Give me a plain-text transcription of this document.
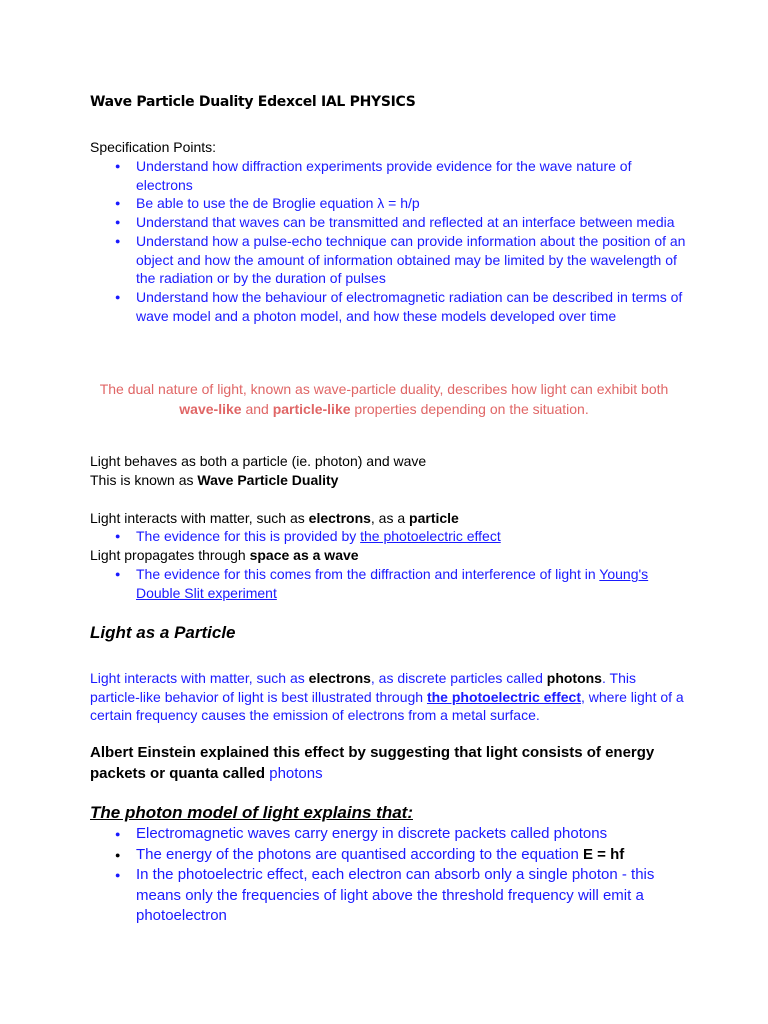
Wave Particle Duality Edexcel IAL PHYSICS
Specification Points:
● Understand how diffraction experiments provide evidence for the wave nature of electrons
● Be able to use the de Broglie equation λ = h/p
● Understand that waves can be transmitted and reflected at an interface between media
● Understand how a pulse-echo technique can provide information about the position of an object and how the amount of information obtained may be limited by the wavelength of the radiation or by the duration of pulses
● Understand how the behaviour of electromagnetic radiation can be described in terms of wave model and a photon model, and how these models developed over time
The dual nature of light, known as wave-particle duality, describes how light can exhibit both wave-like and particle-like properties depending on the situation.
Light behaves as both a particle (ie. photon) and wave
This is known as Wave Particle Duality
Light interacts with matter, such as electrons, as a particle
● The evidence for this is provided by the photoelectric effect
Light propagates through space as a wave
● The evidence for this comes from the diffraction and interference of light in Young's Double Slit experiment
Light as a Particle
Light interacts with matter, such as electrons, as discrete particles called photons. This particle-like behavior of light is best illustrated through the photoelectric effect, where light of a certain frequency causes the emission of electrons from a metal surface.
Albert Einstein explained this effect by suggesting that light consists of energy packets or quanta called photons
The photon model of light explains that:
● Electromagnetic waves carry energy in discrete packets called photons
● The energy of the photons are quantised according to the equation E = hf
● In the photoelectric effect, each electron can absorb only a single photon - this means only the frequencies of light above the threshold frequency will emit a photoelectron
